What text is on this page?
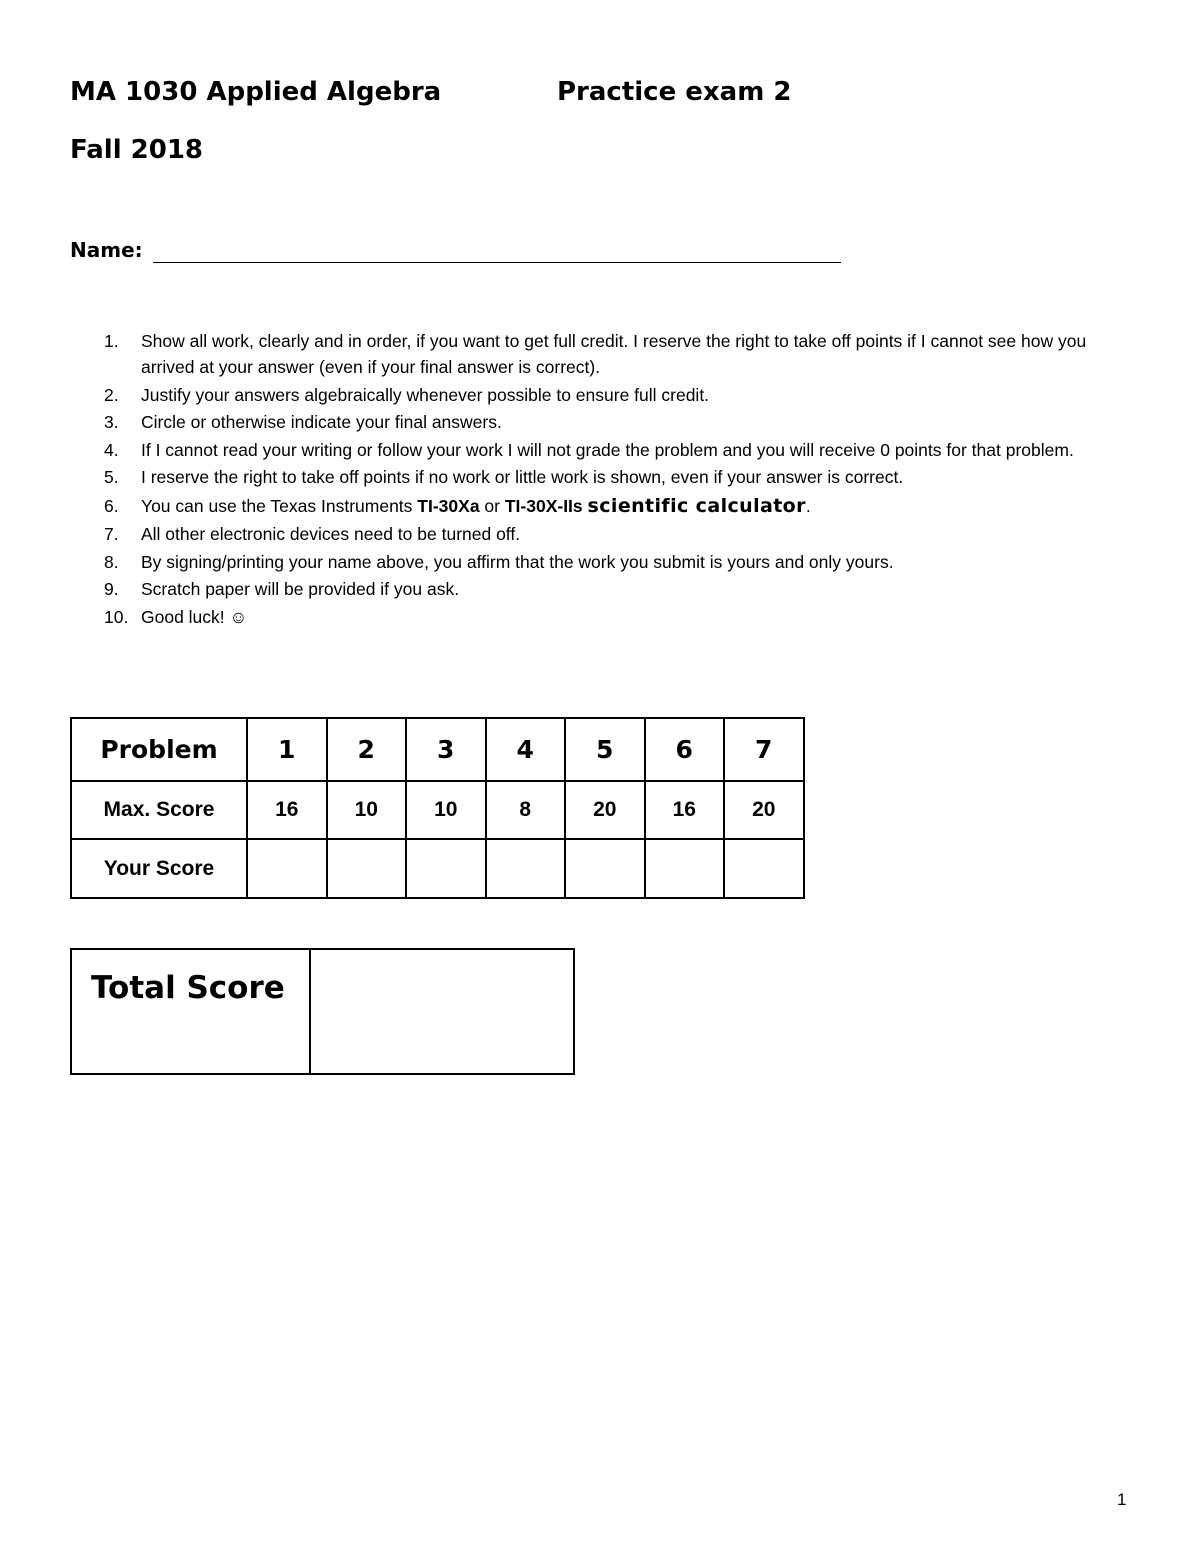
MA 1030 Applied Algebra	Practice exam 2
Fall 2018
Name:
1. Show all work, clearly and in order, if you want to get full credit. I reserve the right to take off points if I cannot see how you arrived at your answer (even if your final answer is correct).
2. Justify your answers algebraically whenever possible to ensure full credit.
3. Circle or otherwise indicate your final answers.
4. If I cannot read your writing or follow your work I will not grade the problem and you will receive 0 points for that problem.
5. I reserve the right to take off points if no work or little work is shown, even if your answer is correct.
6. You can use the Texas Instruments TI-30Xa or TI-30X-IIs scientific calculator.
7. All other electronic devices need to be turned off.
8. By signing/printing your name above, you affirm that the work you submit is yours and only yours.
9. Scratch paper will be provided if you ask.
10. Good luck! ☺
Problem	1	2	3	4	5	6	7
Max. Score	16	10	10	8	20	16	20
Your Score							
Total Score

1
